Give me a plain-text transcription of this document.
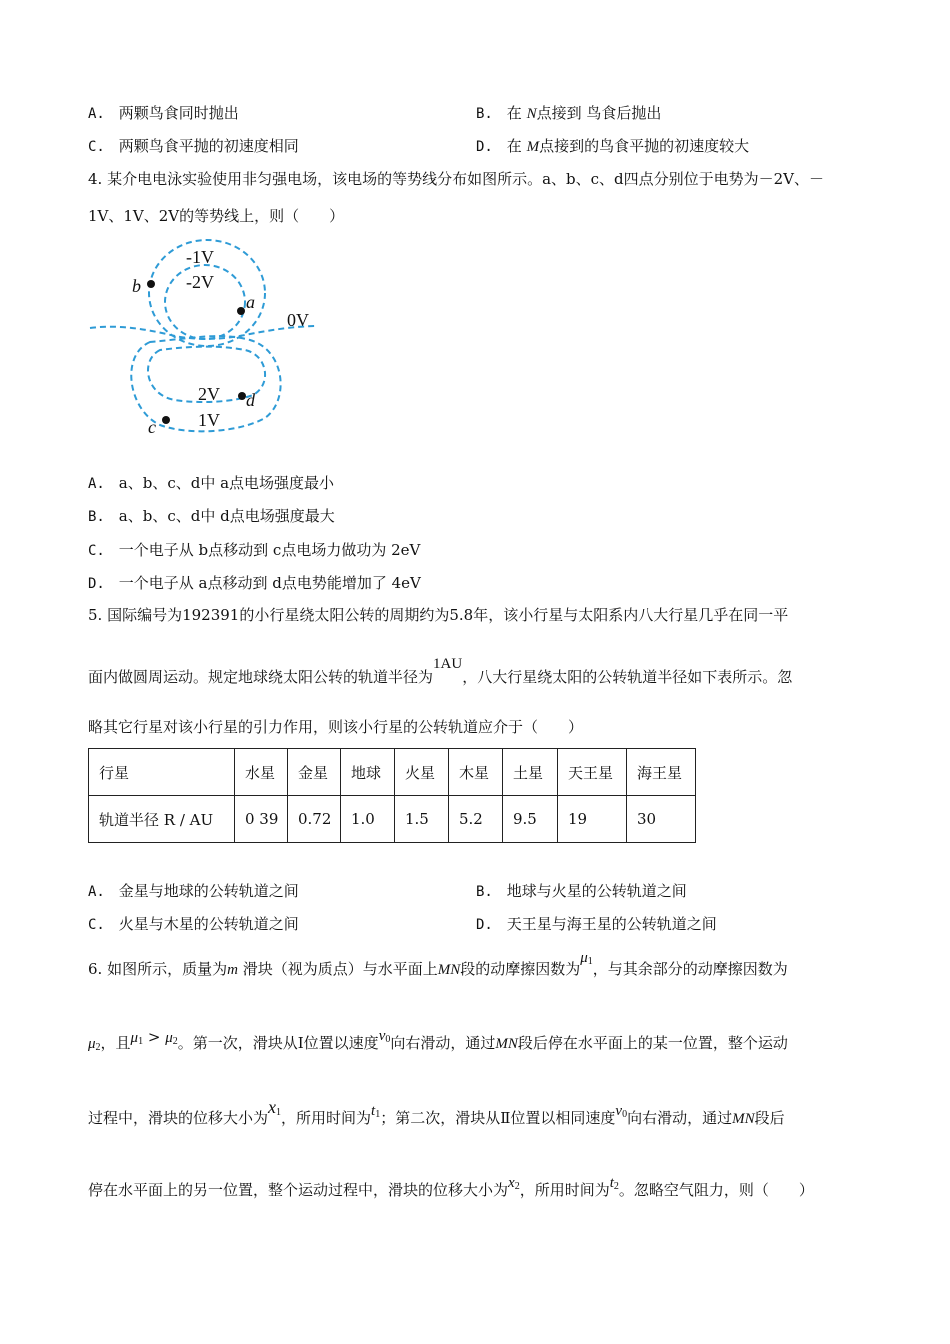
A. 两颗鸟食同时抛出	B. 在 N点接到 鸟食后抛出
C. 两颗鸟食平抛的初速度相同	D. 在 M点接到的鸟食平抛的初速度较大
4. 某介电电泳实验使用非匀强电场，该电场的等势线分布如图所示。a、b、c、d四点分别位于电势为－2V、－
1V、1V、2V的等势线上，则（　　）
-1V
-2V
0V
2V
1V
a
b
c
d
A. a、b、c、d中 a点电场强度最小
B. a、b、c、d中 d点电场强度最大
C. 一个电子从 b点移动到 c点电场力做功为 2eV
D. 一个电子从 a点移动到 d点电势能增加了 4eV
5. 国际编号为192391的小行星绕太阳公转的周期约为5.8年，该小行星与太阳系内八大行星几乎在同一平
面内做圆周运动。规定地球绕太阳公转的轨道半径为1AU，八大行星绕太阳的公转轨道半径如下表所示。忽
略其它行星对该小行星的引力作用，则该小行星的公转轨道应介于（　　）
行星	水星	金星	地球	火星	木星	土星	天王星	海王星
轨道半径 R / AU	0 39	0.72	1.0	1.5	5.2	9.5	19	30
A. 金星与地球的公转轨道之间	B. 地球与火星的公转轨道之间
C. 火星与木星的公转轨道之间	D. 天王星与海王星的公转轨道之间
6. 如图所示，质量为m 滑块（视为质点）与水平面上MN段的动摩擦因数为$\mu_1$，与其余部分的动摩擦因数为
$\mu_2$，且$\mu_1 > \mu_2$。第一次，滑块从Ⅰ位置以速度$v_0$向右滑动，通过MN段后停在水平面上的某一位置，整个运动
过程中，滑块的位移大小为$x_1$，所用时间为$t_1$；第二次，滑块从Ⅱ位置以相同速度$v_0$向右滑动，通过MN段后
停在水平面上的另一位置，整个运动过程中，滑块的位移大小为$x_2$，所用时间为$t_2$。忽略空气阻力，则（　　）
